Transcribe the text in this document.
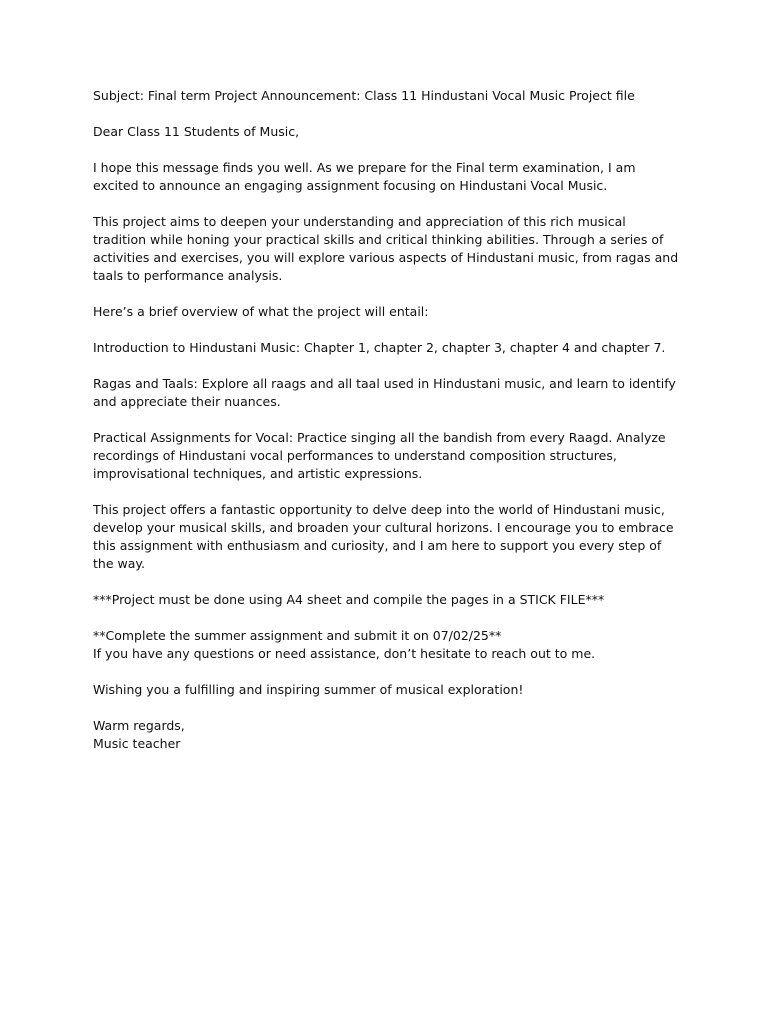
Subject: Final term Project Announcement: Class 11 Hindustani Vocal Music Project file

Dear Class 11 Students of Music,

I hope this message finds you well. As we prepare for the Final term examination, I am
excited to announce an engaging assignment focusing on Hindustani Vocal Music.

This project aims to deepen your understanding and appreciation of this rich musical
tradition while honing your practical skills and critical thinking abilities. Through a series of
activities and exercises, you will explore various aspects of Hindustani music, from ragas and
taals to performance analysis.

Here’s a brief overview of what the project will entail:

Introduction to Hindustani Music: Chapter 1, chapter 2, chapter 3, chapter 4 and chapter 7.

Ragas and Taals: Explore all raags and all taal used in Hindustani music, and learn to identify
and appreciate their nuances.

Practical Assignments for Vocal: Practice singing all the bandish from every Raagd. Analyze
recordings of Hindustani vocal performances to understand composition structures,
improvisational techniques, and artistic expressions.

This project offers a fantastic opportunity to delve deep into the world of Hindustani music,
develop your musical skills, and broaden your cultural horizons. I encourage you to embrace
this assignment with enthusiasm and curiosity, and I am here to support you every step of
the way.

***Project must be done using A4 sheet and compile the pages in a STICK FILE***

**Complete the summer assignment and submit it on 07/02/25**
If you have any questions or need assistance, don’t hesitate to reach out to me.

Wishing you a fulfilling and inspiring summer of musical exploration!

Warm regards,
Music teacher
